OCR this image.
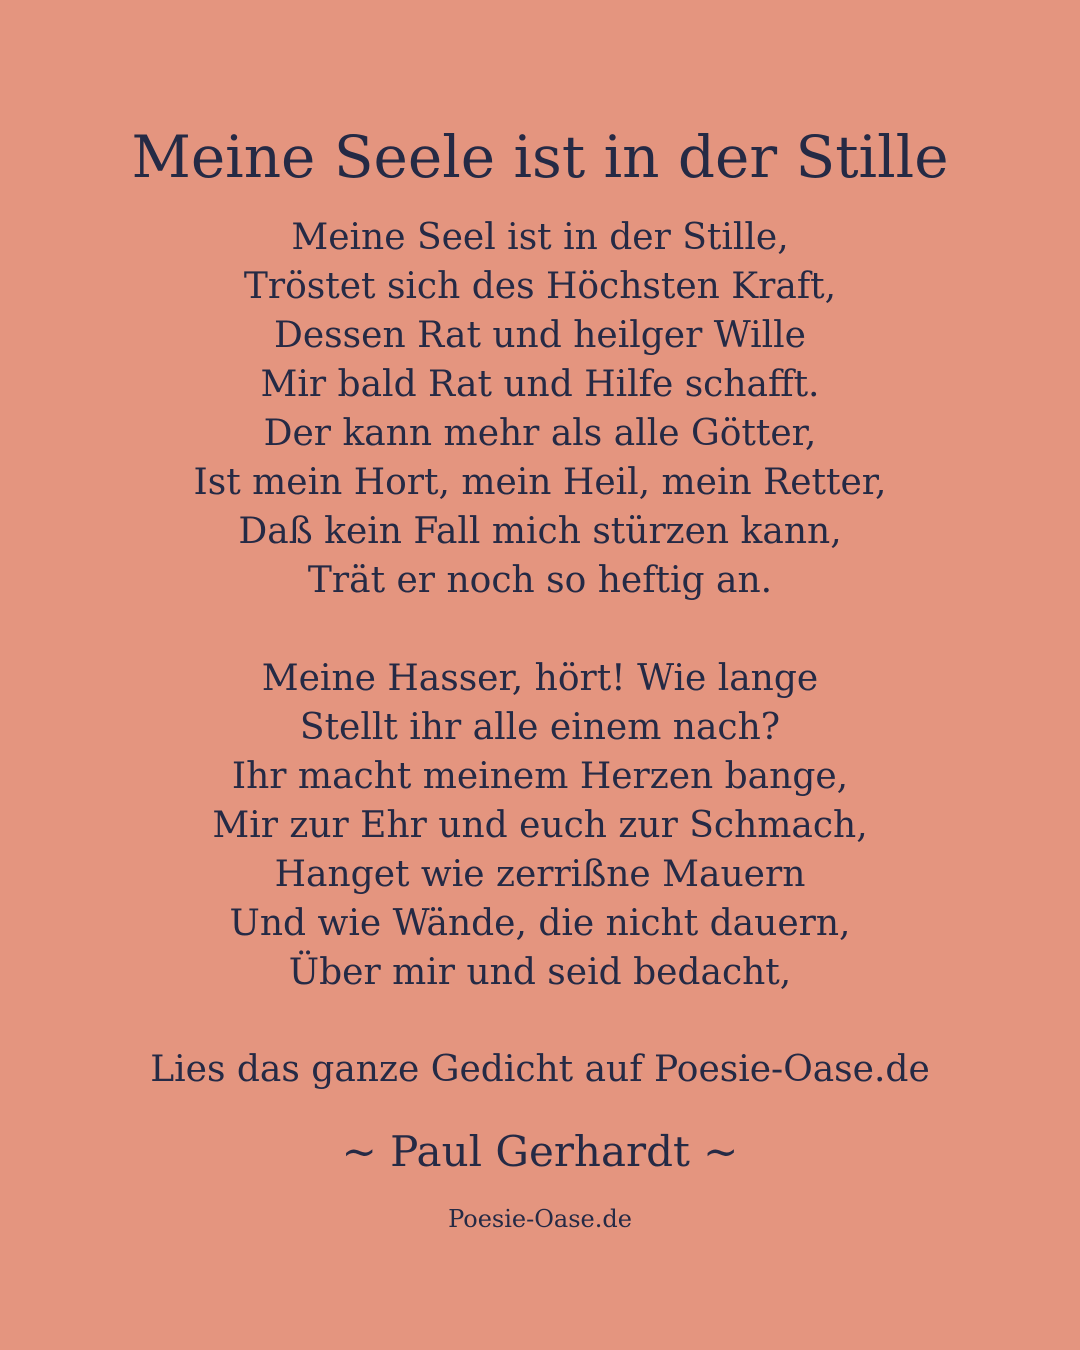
Meine Seele ist in der Stille
Meine Seel ist in der Stille,
Tröstet sich des Höchsten Kraft,
Dessen Rat und heilger Wille
Mir bald Rat und Hilfe schafft.
Der kann mehr als alle Götter,
Ist mein Hort, mein Heil, mein Retter,
Daß kein Fall mich stürzen kann,
Trät er noch so heftig an.
Meine Hasser, hört! Wie lange
Stellt ihr alle einem nach?
Ihr macht meinem Herzen bange,
Mir zur Ehr und euch zur Schmach,
Hanget wie zerrißne Mauern
Und wie Wände, die nicht dauern,
Über mir und seid bedacht,
Lies das ganze Gedicht auf Poesie-Oase.de
~ Paul Gerhardt ~
Poesie-Oase.de
